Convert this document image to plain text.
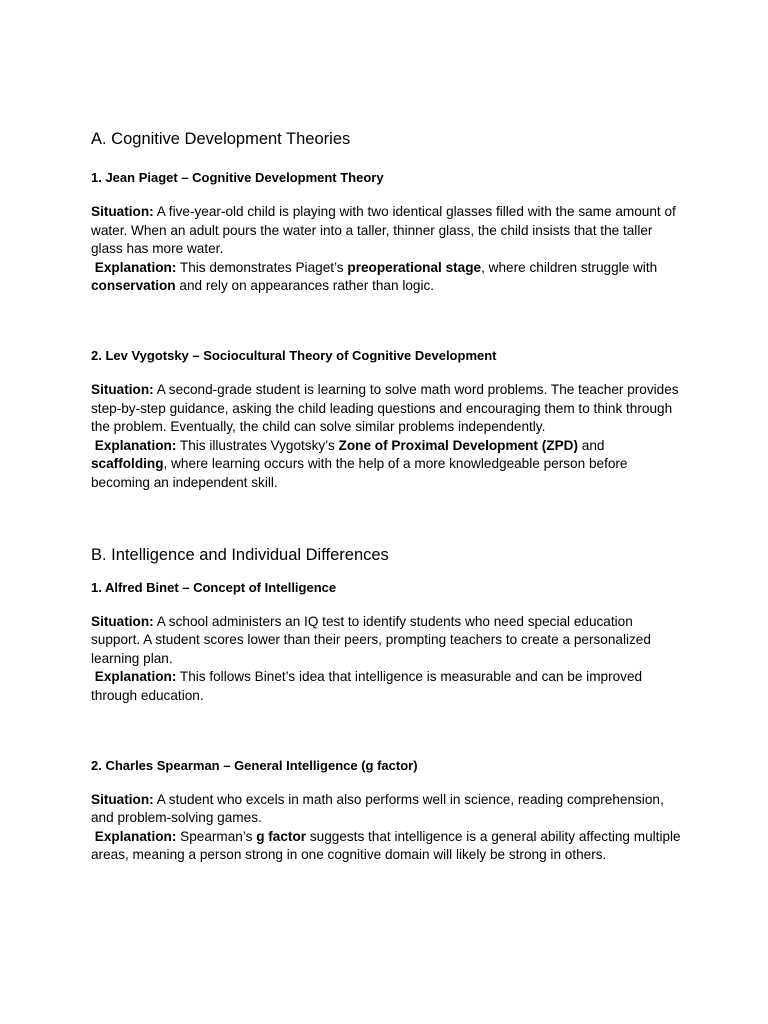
A. Cognitive Development Theories
1. Jean Piaget – Cognitive Development Theory

Situation: A five-year-old child is playing with two identical glasses filled with the same amount of water. When an adult pours the water into a taller, thinner glass, the child insists that the taller glass has more water.

Explanation: This demonstrates Piaget’s preoperational stage, where children struggle with conservation and rely on appearances rather than logic.

2. Lev Vygotsky – Sociocultural Theory of Cognitive Development

Situation: A second-grade student is learning to solve math word problems. The teacher provides step-by-step guidance, asking the child leading questions and encouraging them to think through the problem. Eventually, the child can solve similar problems independently.

Explanation: This illustrates Vygotsky’s Zone of Proximal Development (ZPD) and scaffolding, where learning occurs with the help of a more knowledgeable person before becoming an independent skill.

B. Intelligence and Individual Differences
1. Alfred Binet – Concept of Intelligence

Situation: A school administers an IQ test to identify students who need special education support. A student scores lower than their peers, prompting teachers to create a personalized learning plan.

Explanation: This follows Binet’s idea that intelligence is measurable and can be improved through education.

2. Charles Spearman – General Intelligence (g factor)

Situation: A student who excels in math also performs well in science, reading comprehension, and problem-solving games.

Explanation: Spearman’s g factor suggests that intelligence is a general ability affecting multiple areas, meaning a person strong in one cognitive domain will likely be strong in others.
